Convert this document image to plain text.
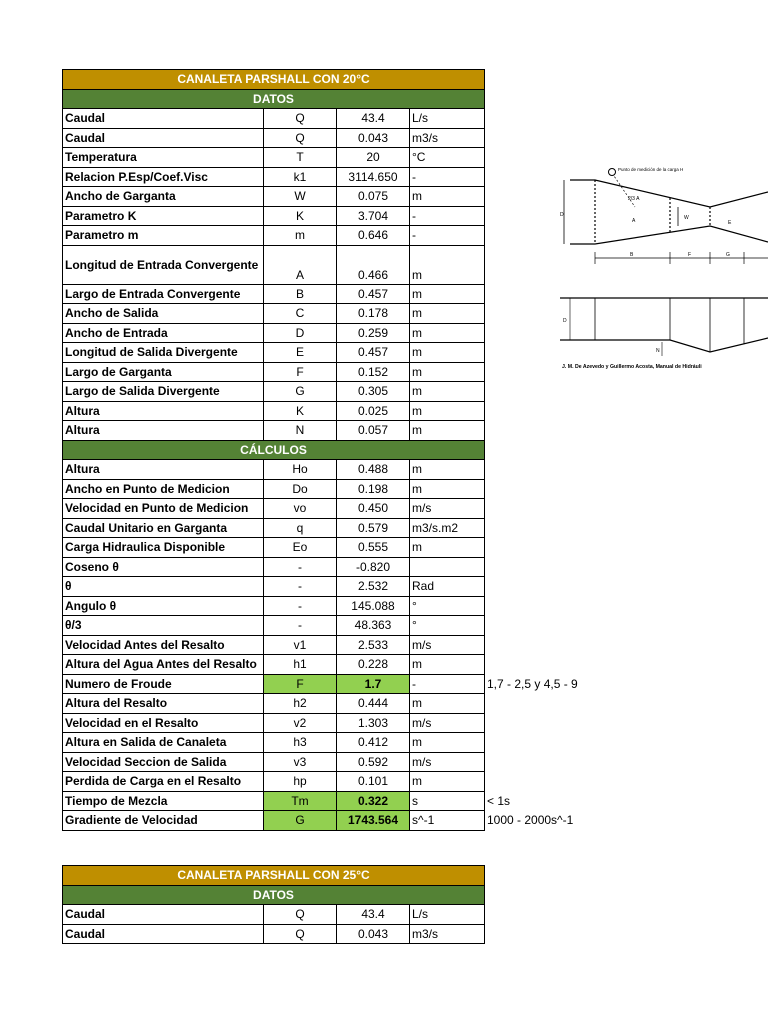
CANALETA PARSHALL CON 20°C				
DATOS				
Caudal	Q	43.4	L/s	
Caudal	Q	0.043	m3/s	
Temperatura	T	20	°C	
Relacion P.Esp/Coef.Visc	k1	3114.650	-	
Ancho de Garganta	W	0.075	m	
Parametro K	K	3.704	-	
Parametro m	m	0.646	-	
Longitud de Entrada Convergente	A	0.466	m	
Largo de Entrada Convergente	B	0.457	m	
Ancho de Salida	C	0.178	m	
Ancho de Entrada	D	0.259	m	
Longitud de Salida Divergente	E	0.457	m	
Largo de Garganta	F	0.152	m	
Largo de Salida Divergente	G	0.305	m	
Altura	K	0.025	m	
Altura	N	0.057	m	
CÁLCULOS				
Altura	Ho	0.488	m	
Ancho en Punto de Medicion	Do	0.198	m	
Velocidad en Punto de Medicion	vo	0.450	m/s	
Caudal Unitario en Garganta	q	0.579	m3/s.m2	
Carga Hidraulica Disponible	Eo	0.555	m	
Coseno θ	-	-0.820		
θ	-	2.532	Rad	
Angulo θ	-	145.088	°	
θ/3	-	48.363	°	
Velocidad Antes del Resalto	v1	2.533	m/s	
Altura del Agua Antes del Resalto	h1	0.228	m	
Numero de Froude	F	1.7	-	1,7 - 2,5 y 4,5 - 9
Altura del Resalto	h2	0.444	m	
Velocidad en el Resalto	v2	1.303	m/s	
Altura en Salida de Canaleta	h3	0.412	m	
Velocidad Seccion de Salida	v3	0.592	m/s	
Perdida de Carga en el Resalto	hp	0.101	m	
Tiempo de Mezcla	Tm	0.322	s	< 1s
Gradiente de Velocidad	G	1743.564	s^-1	1000 - 2000s^-1
CANALETA PARSHALL CON 25°C			
DATOS			
Caudal	Q	43.4	L/s
Caudal	Q	0.043	m3/s
Punto de medición de la carga H
2/3 A
D	W
A	E
B	F	G
D
N
J. M. De Azevedo y Guillermo Acosta, Manual de Hidráuli
